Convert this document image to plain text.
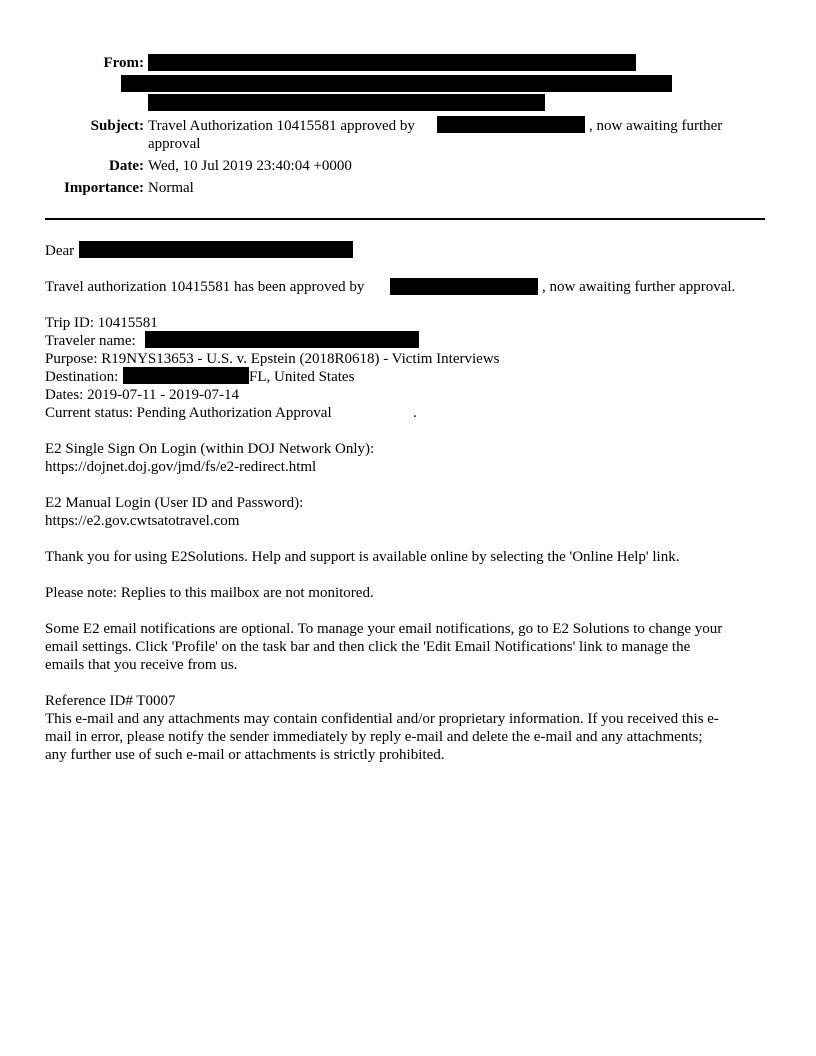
From:
Subject: Travel Authorization 10415581 approved by	, now awaiting further
approval
Date: Wed, 10 Jul 2019 23:40:04 +0000
Importance: Normal
Dear
Travel authorization 10415581 has been approved by	, now awaiting further approval.
Trip ID: 10415581
Traveler name:
Purpose: R19NYS13653 - U.S. v. Epstein (2018R0618) - Victim Interviews
Destination:	FL, United States
Dates: 2019-07-11 - 2019-07-14
Current status: Pending Authorization Approval	.
E2 Single Sign On Login (within DOJ Network Only):
https://dojnet.doj.gov/jmd/fs/e2-redirect.html
E2 Manual Login (User ID and Password):
https://e2.gov.cwtsatotravel.com
Thank you for using E2Solutions. Help and support is available online by selecting the 'Online Help' link.
Please note: Replies to this mailbox are not monitored.
Some E2 email notifications are optional. To manage your email notifications, go to E2 Solutions to change your
email settings. Click 'Profile' on the task bar and then click the 'Edit Email Notifications' link to manage the
emails that you receive from us.
Reference ID# T0007
This e-mail and any attachments may contain confidential and/or proprietary information. If you received this e-
mail in error, please notify the sender immediately by reply e-mail and delete the e-mail and any attachments;
any further use of such e-mail or attachments is strictly prohibited.
